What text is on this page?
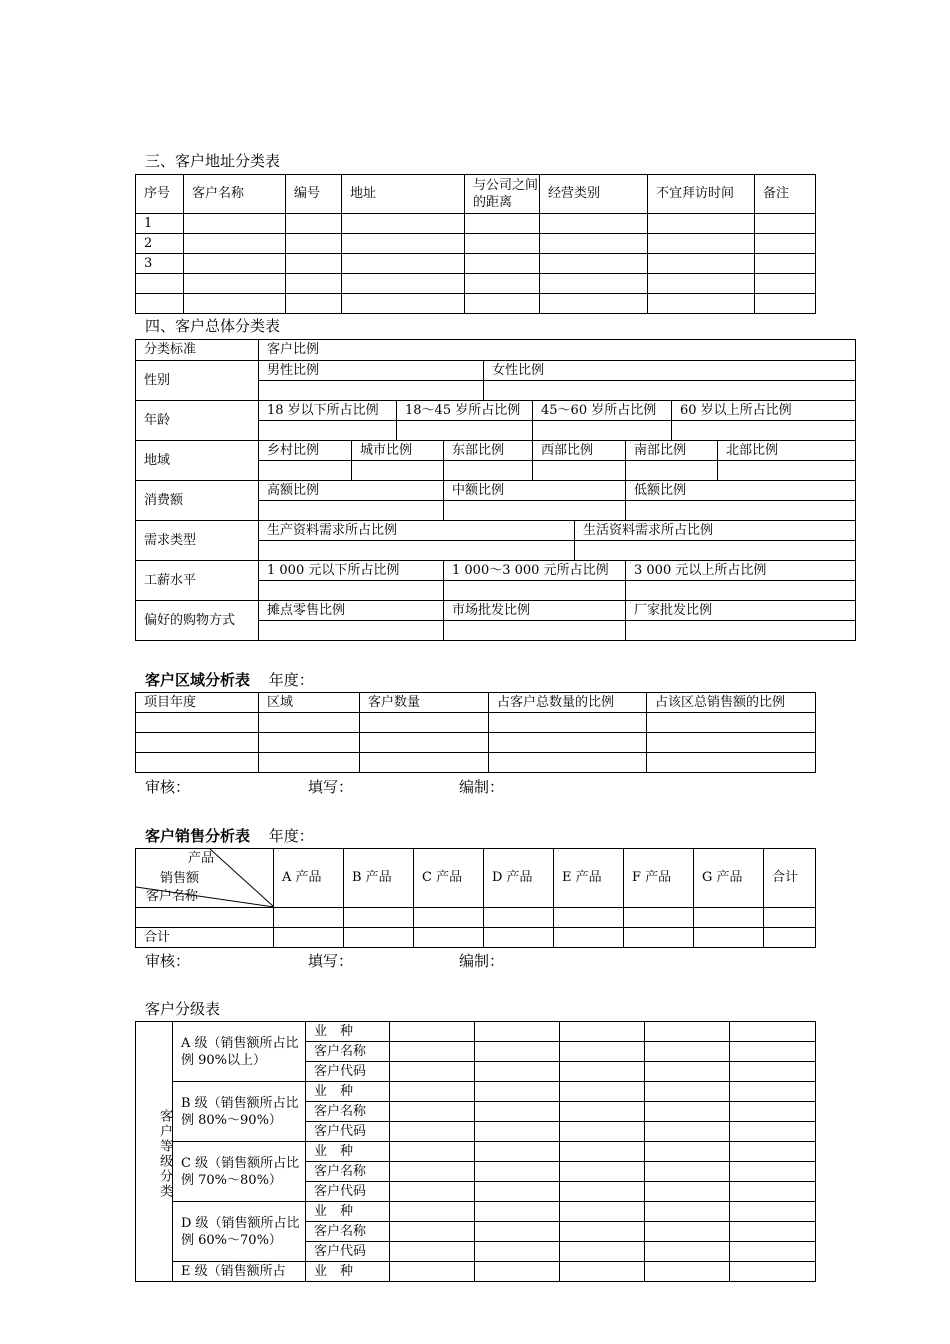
三、客户地址分类表
序号	客户名称	编号	地址	与公司之间的距离	经营类别	不宜拜访时间	备注
1							
2							
3							

四、客户总体分类表
分类标准	客户比例									
性别	男性比例				女性比例					

年龄	18 岁以下所占比例		18～45 岁所占比例			45～60 岁所占比例			60 岁以上所占比例	

地域	乡村比例	城市比例		东部比例		西部比例		南部比例		北部比例

消费额	高额比例			中额比例				低额比例		

需求类型	生产资料需求所占比例						生活资料需求所占比例			

工薪水平	1 000 元以下所占比例			1 000～3 000 元所占比例				3 000 元以上所占比例		

偏好的购物方式	摊点零售比例			市场批发比例				厂家批发比例		

客户区域分析表 年度：
项目年度	区域	客户数量	占客户总数量的比例	占该区总销售额的比例

审核：	填写：	编制：
客户销售分析表 年度：
产品
销售额
客户名称	A 产品	B 产品	C 产品	D 产品	E 产品	F 产品	G 产品	合计

合计								
审核：	填写：	编制：
客户分级表
客户等级分类	A 级（销售额所占比例 90%以上）	业　种					
		客户名称					
		客户代码					
	B 级（销售额所占比例 80%～90%）	业　种					
		客户名称					
		客户代码					
	C 级（销售额所占比例 70%～80%）	业　种					
		客户名称					
		客户代码					
	D 级（销售额所占比例 60%～70%）	业　种					
		客户名称					
		客户代码					
	E 级（销售额所占	业　种					
